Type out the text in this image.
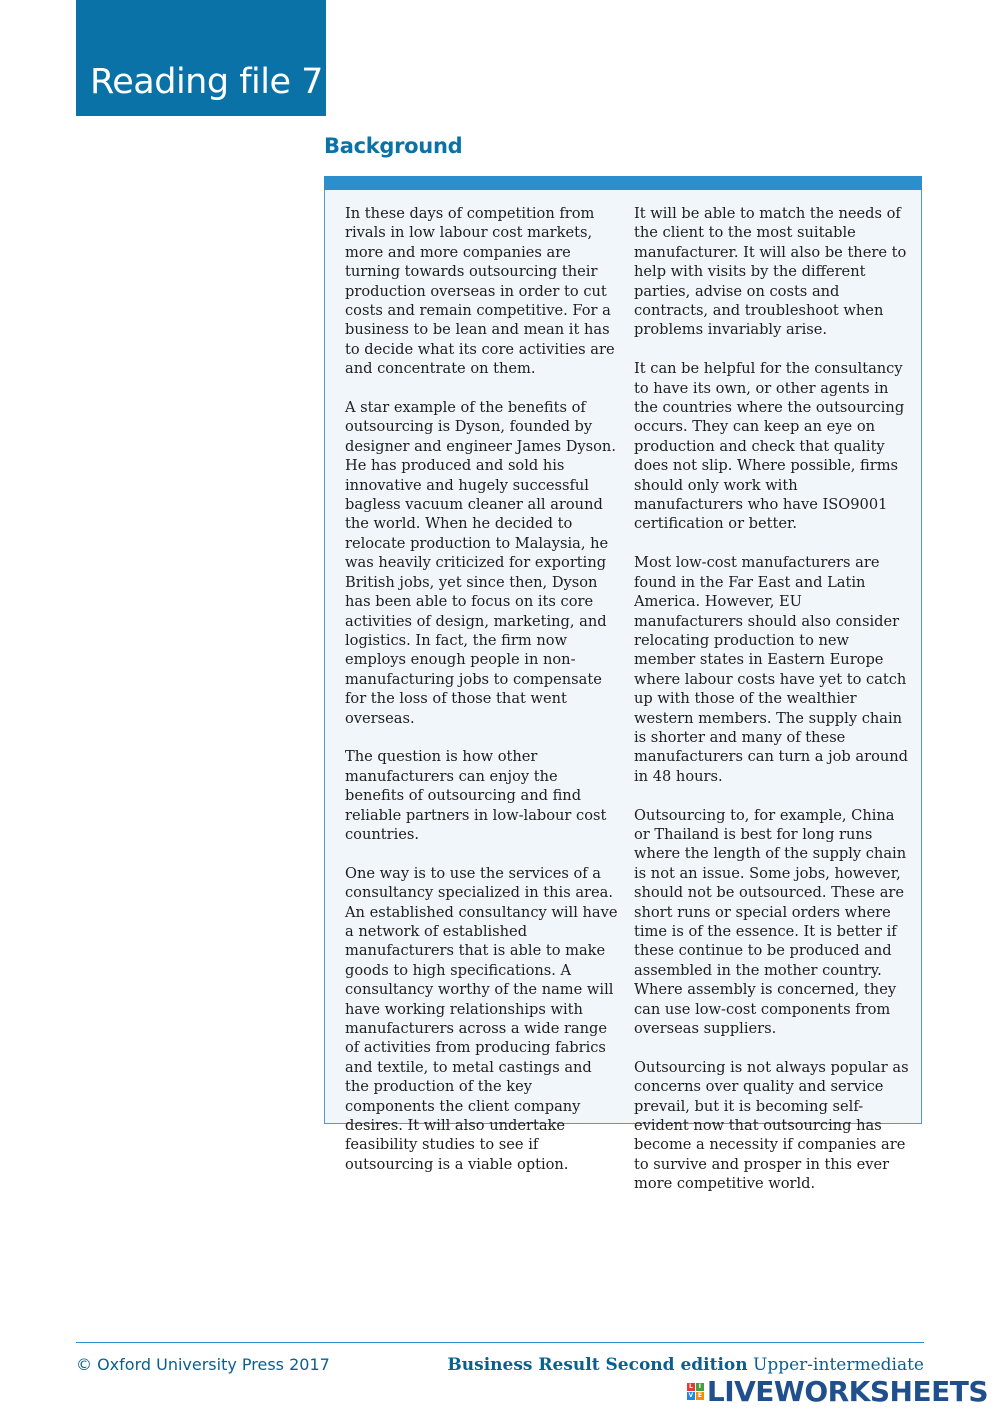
Reading file 7
Background

In these days of competition from rivals in low labour cost markets, more and more companies are turning towards outsourcing their production overseas in order to cut costs and remain competitive. For a business to be lean and mean it has to decide what its core activities are and concentrate on them.

A star example of the benefits of outsourcing is Dyson, founded by designer and engineer James Dyson. He has produced and sold his innovative and hugely successful bagless vacuum cleaner all around the world. When he decided to relocate production to Malaysia, he was heavily criticized for exporting British jobs, yet since then, Dyson has been able to focus on its core activities of design, marketing, and logistics. In fact, the firm now employs enough people in non-manufacturing jobs to compensate for the loss of those that went overseas.

The question is how other manufacturers can enjoy the benefits of outsourcing and find reliable partners in low-labour cost countries.

One way is to use the services of a consultancy specialized in this area. An established consultancy will have a network of established manufacturers that is able to make goods to high specifications. A consultancy worthy of the name will have working relationships with manufacturers across a wide range of activities from producing fabrics and textile, to metal castings and the production of the key components the client company desires. It will also undertake feasibility studies to see if outsourcing is a viable option.

It will be able to match the needs of the client to the most suitable manufacturer. It will also be there to help with visits by the different parties, advise on costs and contracts, and troubleshoot when problems invariably arise.

It can be helpful for the consultancy to have its own, or other agents in the countries where the outsourcing occurs. They can keep an eye on production and check that quality does not slip. Where possible, firms should only work with manufacturers who have ISO9001 certification or better.

Most low-cost manufacturers are found in the Far East and Latin America. However, EU manufacturers should also consider relocating production to new member states in Eastern Europe where labour costs have yet to catch up with those of the wealthier western members. The supply chain is shorter and many of these manufacturers can turn a job around in 48 hours.

Outsourcing to, for example, China or Thailand is best for long runs where the length of the supply chain is not an issue. Some jobs, however, should not be outsourced. These are short runs or special orders where time is of the essence. It is better if these continue to be produced and assembled in the mother country. Where assembly is concerned, they can use low-cost components from overseas suppliers.

Outsourcing is not always popular as concerns over quality and service prevail, but it is becoming self-evident now that outsourcing has become a necessity if companies are to survive and prosper in this ever more competitive world.

© Oxford University Press 2017	Business Result Second edition Upper-intermediate
L I
V E LIVEWORKSHEETS
